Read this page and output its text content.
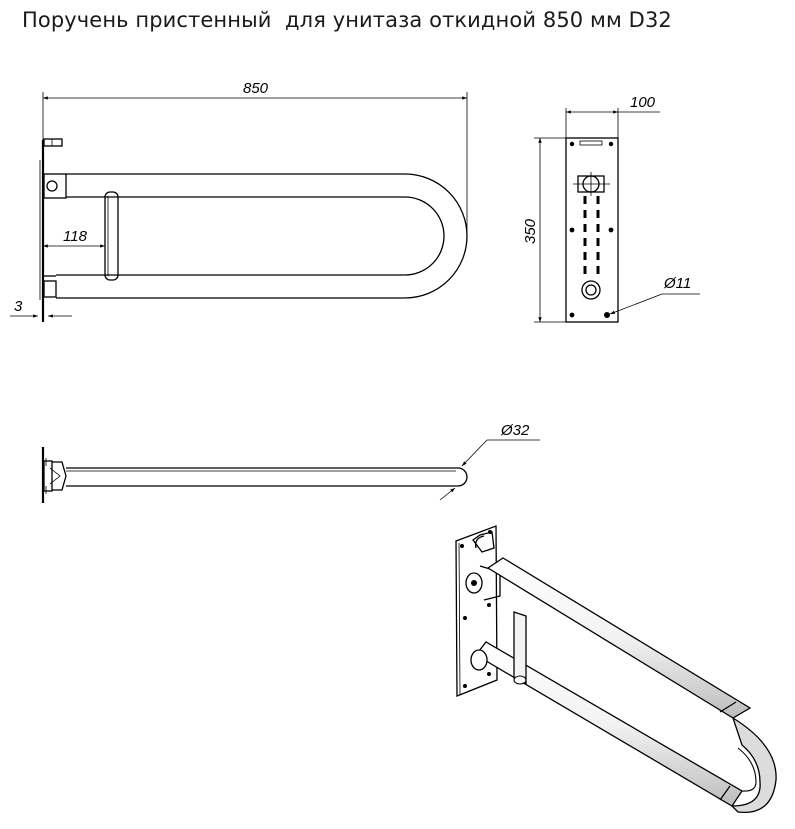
Поручень пристенный  для унитаза откидной 850 мм D32
850
118
3
100
350
Ø11
Ø32
